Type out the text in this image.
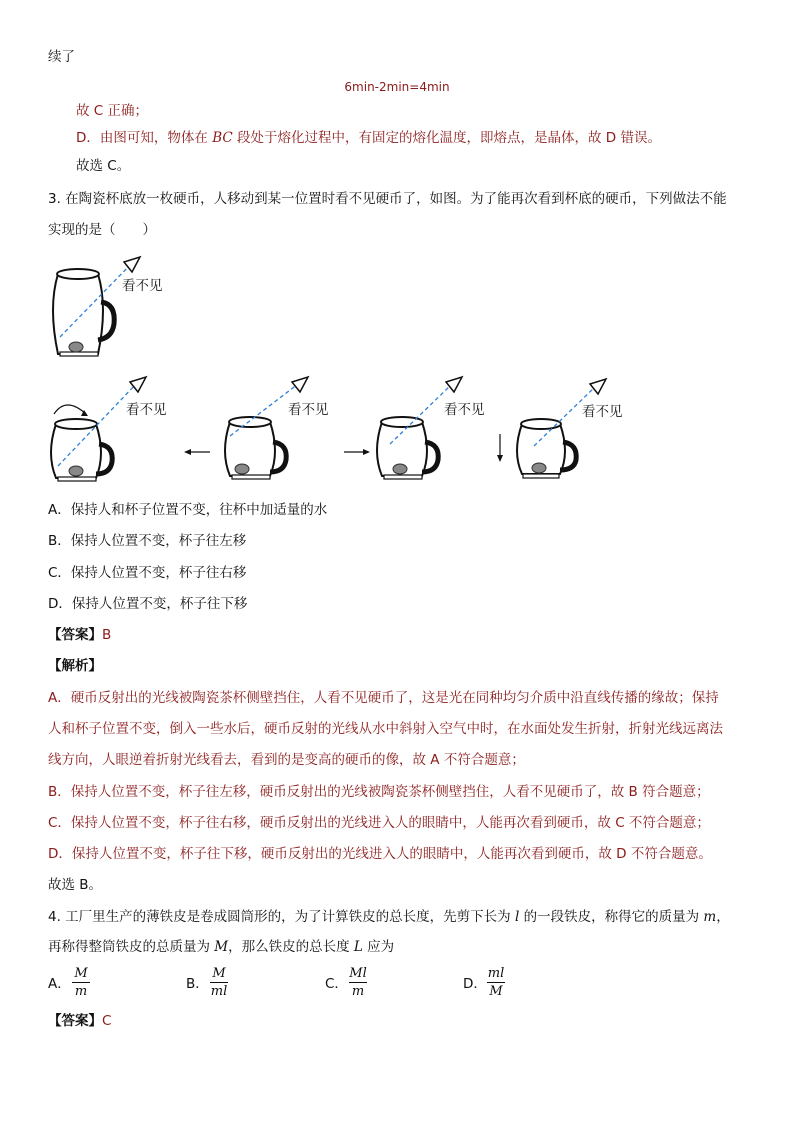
续了
6min-2min=4min
故 C 正确；
D．由图可知，物体在 BC 段处于熔化过程中，有固定的熔化温度，即熔点，是晶体，故 D 错误。
故选 C。
3. 在陶瓷杯底放一枚硬币，人移动到某一位置时看不见硬币了，如图。为了能再次看到杯底的硬币，下列做法不能
实现的是（　　）
看不见
看不见	看不见	看不见	看不见
A．保持人和杯子位置不变，往杯中加适量的水
B．保持人位置不变，杯子往左移
C．保持人位置不变，杯子往右移
D．保持人位置不变，杯子往下移
【答案】B
【解析】
A．硬币反射出的光线被陶瓷茶杯侧壁挡住，人看不见硬币了，这是光在同种均匀介质中沿直线传播的缘故；保持
人和杯子位置不变，倒入一些水后，硬币反射的光线从水中斜射入空气中时，在水面处发生折射，折射光线远离法
线方向，人眼逆着折射光线看去，看到的是变高的硬币的像，故 A 不符合题意；
B．保持人位置不变，杯子往左移，硬币反射出的光线被陶瓷茶杯侧壁挡住，人看不见硬币了，故 B 符合题意；
C．保持人位置不变，杯子往右移，硬币反射出的光线进入人的眼睛中，人能再次看到硬币，故 C 不符合题意；
D．保持人位置不变，杯子往下移，硬币反射出的光线进入人的眼睛中，人能再次看到硬币，故 D 不符合题意。
故选 B。
4. 工厂里生产的薄铁皮是卷成圆筒形的，为了计算铁皮的总长度，先剪下长为 l 的一段铁皮，称得它的质量为 m，
再称得整筒铁皮的总质量为 M，那么铁皮的总长度 L 应为
A．
M
m	B．
M
ml	C．
Ml
m	D．
ml
M
【答案】C
